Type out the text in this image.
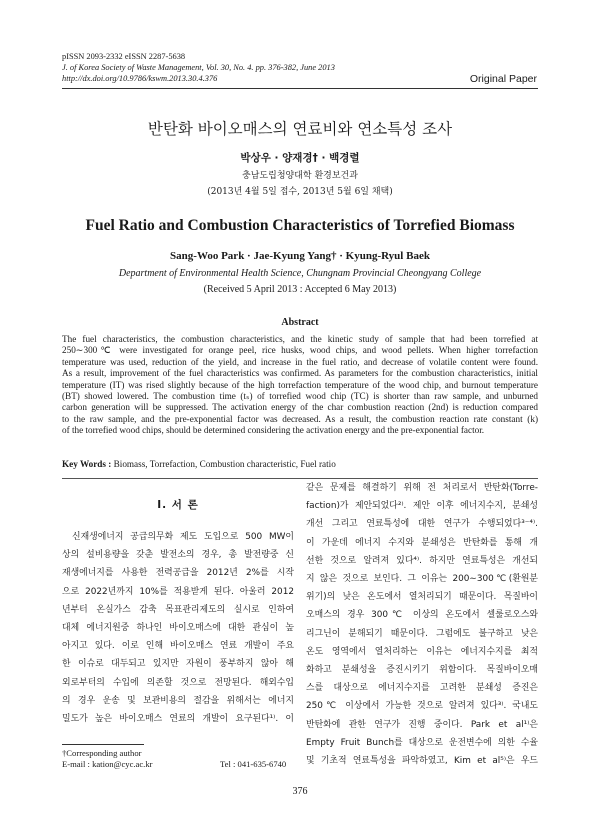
pISSN 2093-2332 eISSN 2287-5638
J. of Korea Society of Waste Management, Vol. 30, No. 4. pp. 376-382, June 2013
http://dx.doi.org/10.9786/kswm.2013.30.4.376	Original Paper
반탄화 바이오매스의 연료비와 연소특성 조사
박상우 · 양재경† · 백경렬
충남도립청양대학 환경보건과
(2013년 4월 5일 접수, 2013년 5월 6일 채택)
Fuel Ratio and Combustion Characteristics of Torrefied Biomass
Sang-Woo Park · Jae-Kyung Yang† · Kyung-Ryul Baek
Department of Environmental Health Science, Chungnam Provincial Cheongyang College
(Received 5 April 2013 : Accepted 6 May 2013)
Abstract
The fuel characteristics, the combustion characteristics, and the kinetic study of sample that had been torrefied at
250∼300℃ were investigated for orange peel, rice husks, wood chips, and wood pellets. When higher torrefaction
temperature was used, reduction of the yield, and increase in the fuel ratio, and decrease of volatile content were found.
As a result, improvement of the fuel characteristics was confirmed. As parameters for the combustion characteristics, initial
temperature (IT) was rised slightly because of the high torrefaction temperature of the wood chip, and burnout temperature
(BT) showed lowered. The combustion time (tₛ) of torrefied wood chip (TC) is shorter than raw sample, and unburned
carbon generation will be suppressed. The activation energy of the char combustion reaction (2nd) is reduction compared
to the raw sample, and the pre-exponential factor was decreased. As a result, the combustion reaction rate constant (k)
of the torrefied wood chips, should be determined considering the activation energy and the pre-exponential factor.
Key Words : Biomass, Torrefaction, Combustion characteristic, Fuel ratio
I. 서 론
신재생에너지 공급의무화 제도 도입으로 500 MW이
상의 설비용량을 갖춘 발전소의 경우, 총 발전량중 신
재생에너지를 사용한 전력공급을 2012년 2%를 시작
으로 2022년까지 10%를 적용받게 된다. 아울러 2012
년부터 온실가스 감축 목표관리제도의 실시로 인하여
대체 에너지원중 하나인 바이오매스에 대한 관심이 높
아지고 있다. 이로 인해 바이오매스 연료 개발이 주요
한 이슈로 대두되고 있지만 자원이 풍부하지 않아 해
외로부터의 수입에 의존할 것으로 전망된다. 해외수입
의 경우 운송 및 보관비용의 절감을 위해서는 에너지
밀도가 높은 바이오매스 연료의 개발이 요구된다¹⁾. 이
같은 문제를 해결하기 위해 전 처리로서 반탄화(Torre-
faction)가 제안되었다²⁾. 제안 이후 에너지수지, 분쇄성
개선 그리고 연료특성에 대한 연구가 수행되었다³⁻⁴⁾.
이 가운데 에너지 수지와 분쇄성은 반탄화를 통해 개
선한 것으로 알려져 있다⁴⁾. 하지만 연료특성은 개선되
지 않은 것으로 보인다. 그 이유는 200∼300℃(환원분
위기)의 낮은 온도에서 열처리되기 때문이다. 목질바이
오매스의 경우 300℃ 이상의 온도에서 셀룰로오스와
리그닌이 분해되기 때문이다. 그럼에도 불구하고 낮은
온도 영역에서 열처리하는 이유는 에너지수지를 최적
화하고 분쇄성을 증진시키기 위함이다. 목질바이오매
스를 대상으로 에너지수지를 고려한 분쇄성 증진은
250℃ 이상에서 가능한 것으로 알려져 있다³⁾. 국내도
반탄화에 관한 연구가 진행 중이다. Park et al¹⁾은
Empty Fruit Bunch를 대상으로 운전변수에 의한 수율
및 기초적 연료특성을 파악하였고, Kim et al⁵⁾은 우드
†Corresponding author
E-mail : kation@cyc.ac.kr	Tel : 041-635-6740
376
